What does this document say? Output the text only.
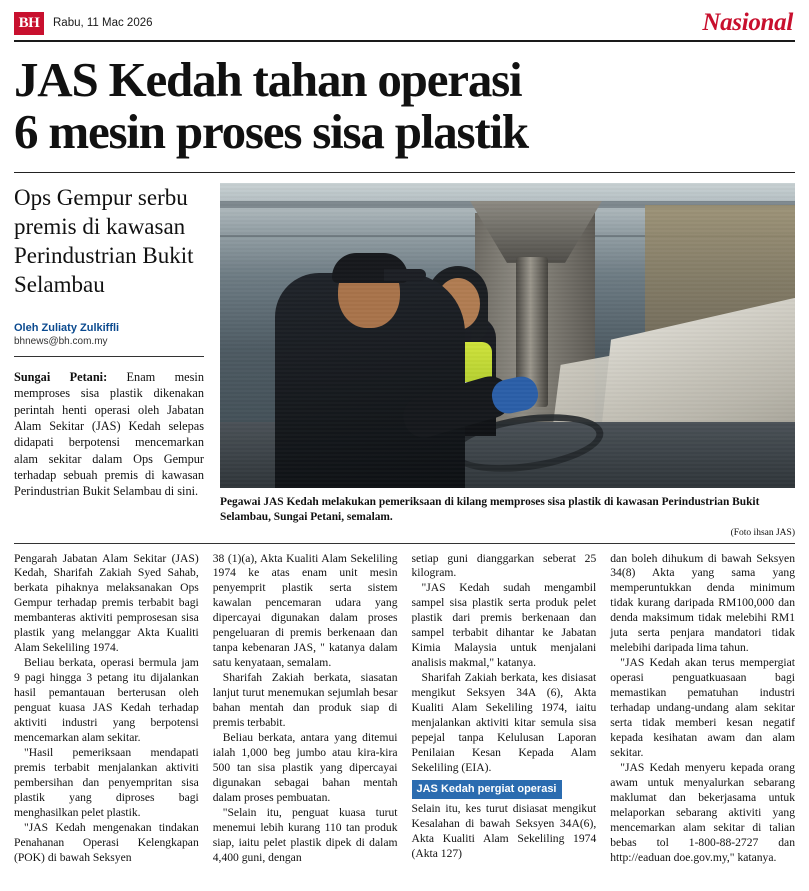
BH	Rabu, 11 Mac 2026	Nasional
JAS Kedah tahan operasi
6 mesin proses sisa plastik

Ops Gempur serbu premis di kawasan Perindustrian Bukit Selambau

Oleh Zuliaty Zulkiffli
bhnews@bh.com.my

Sungai Petani: Enam mesin memproses sisa plastik dikenakan perintah henti operasi oleh Jabatan Alam Sekitar (JAS) Kedah selepas didapati berpotensi mencemarkan alam sekitar dalam Ops Gempur terhadap sebuah premis di kawasan Perindustrian Bukit Selambau di sini.

Pegawai JAS Kedah melakukan pemeriksaan di kilang memproses sisa plastik di kawasan Perindustrian Bukit Selambau, Sungai Petani, semalam.
(Foto ihsan JAS)

Pengarah Jabatan Alam Sekitar (JAS) Kedah, Sharifah Zakiah Syed Sahab, berkata pihaknya melaksanakan Ops Gempur terhadap premis terbabit bagi membanteras aktiviti pemprosesan sisa plastik yang melanggar Akta Kualiti Alam Sekeliling 1974.

Beliau berkata, operasi bermula jam 9 pagi hingga 3 petang itu dijalankan hasil pemantauan berterusan oleh penguat kuasa JAS Kedah terhadap aktiviti industri yang berpotensi mencemarkan alam sekitar.

"Hasil pemeriksaan mendapati premis terbabit menjalankan aktiviti pembersihan dan penyempritan sisa plastik yang diproses bagi menghasilkan pelet plastik.

"JAS Kedah mengenakan tindakan Penahanan Operasi Kelengkapan (POK) di bawah Seksyen

38 (1)(a), Akta Kualiti Alam Sekeliling 1974 ke atas enam unit mesin penyemprit plastik serta sistem kawalan pencemaran udara yang dipercayai digunakan dalam proses pengeluaran di premis berkenaan dan tanpa kebenaran JAS, " katanya dalam satu kenyataan, semalam.

Sharifah Zakiah berkata, siasatan lanjut turut menemukan sejumlah besar bahan mentah dan produk siap di premis terbabit.

Beliau berkata, antara yang ditemui ialah 1,000 beg jumbo atau kira-kira 500 tan sisa plastik yang dipercayai digunakan sebagai bahan mentah dalam proses pembuatan.

"Selain itu, penguat kuasa turut menemui lebih kurang 110 tan produk siap, iaitu pelet plastik dipek di dalam 4,400 guni, dengan

setiap guni dianggarkan seberat 25 kilogram.

"JAS Kedah sudah mengambil sampel sisa plastik serta produk pelet plastik dari premis berkenaan dan sampel terbabit dihantar ke Jabatan Kimia Malaysia untuk menjalani analisis makmal," katanya.

Sharifah Zakiah berkata, kes disiasat mengikut Seksyen 34A (6), Akta Kualiti Alam Sekeliling 1974, iaitu menjalankan aktiviti kitar semula sisa pepejal tanpa Kelulusan Laporan Penilaian Kesan Kepada Alam Sekeliling (EIA).

JAS Kedah pergiat operasi

Selain itu, kes turut disiasat mengikut Kesalahan di bawah Seksyen 34A(6), Akta Kualiti Alam Sekeliling 1974 (Akta 127)

dan boleh dihukum di bawah Seksyen 34(8) Akta yang sama yang memperuntukkan denda minimum tidak kurang daripada RM100,000 dan denda maksimum tidak melebihi RM1 juta serta penjara mandatori tidak melebihi daripada lima tahun.

"JAS Kedah akan terus mempergiat operasi penguatkuasaan bagi memastikan pematuhan industri terhadap undang-undang alam sekitar serta tidak memberi kesan negatif kepada kesihatan awam dan alam sekitar.

"JAS Kedah menyeru kepada orang awam untuk menyalurkan sebarang maklumat dan bekerjasama untuk melaporkan sebarang aktiviti yang mencemarkan alam sekitar di talian bebas tol 1-800-88-2727 dan http://eaduan doe.gov.my," katanya.
